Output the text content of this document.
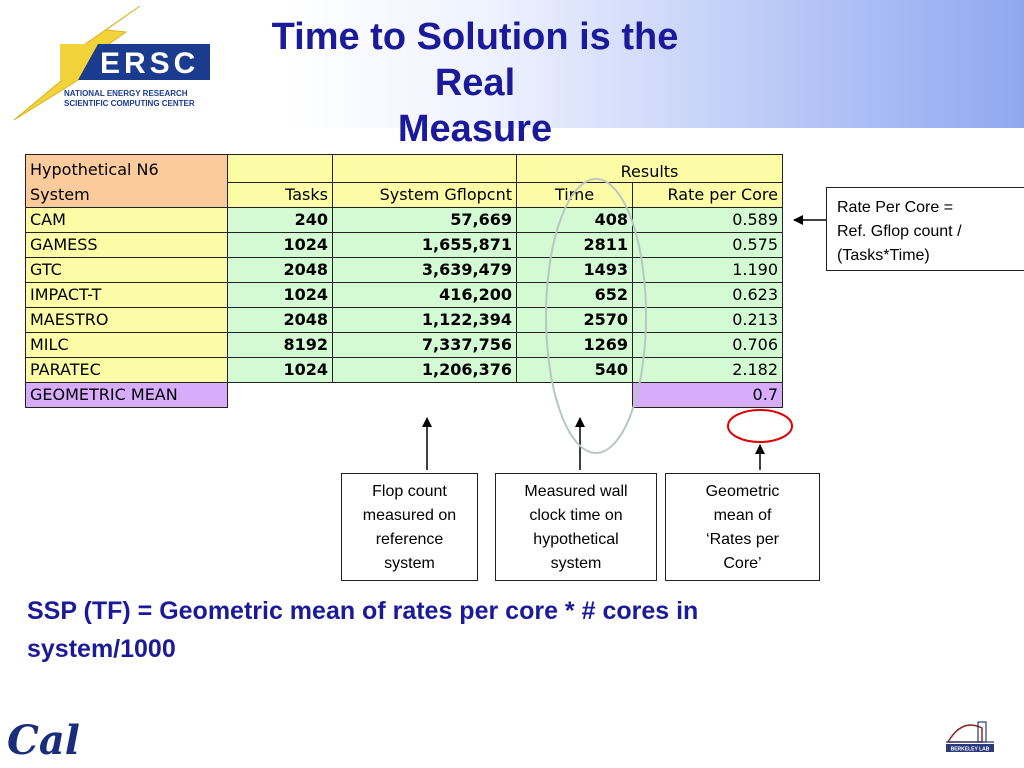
ERSC
NATIONAL ENERGY RESEARCH
SCIENTIFIC COMPUTING CENTER
Time to Solution is the Real
Measure
Hypothetical N6
System			Results	
	Tasks	System Gflopcnt	Time	Rate per Core
CAM	240	57,669	408	0.589
GAMESS	1024	1,655,871	2811	0.575
GTC	2048	3,639,479	1493	1.190
IMPACT-T	1024	416,200	652	0.623
MAESTRO	2048	1,122,394	2570	0.213
MILC	8192	7,337,756	1269	0.706
PARATEC	1024	1,206,376	540	2.182
GEOMETRIC MEAN				0.7
Rate Per Core =
Ref. Gflop count /
(Tasks*Time)
Flop count
measured on
reference
system
Measured wall
clock time on
hypothetical
system
Geometric
mean of
‘Rates per
Core’
SSP (TF) = Geometric mean of rates per core * # cores in
system/1000
Cal	BERKELEY LAB
